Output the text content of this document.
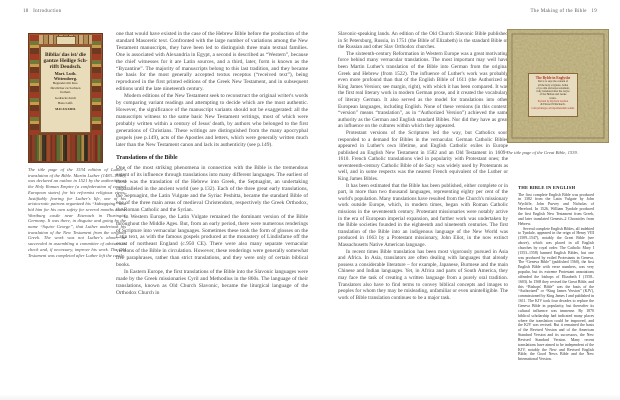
18 Introduction	The Making of the Bible 19
Biblia/ das ist/ die
gantze Heilige Sch-
rifft Deudsch.
Mart. Luth.
Wittemberg.
Begnadet mit Kur-
fürstlicher zu Sachsen
freiheit.
Gedruckt durch
Hans Lufft.
M.D.XXXIIII.
The title page of the 1534 edition of Luther's translation of the Bible. Martin Luther (1483–1546), was declared an outlaw in 1521 by the authorities of the Holy Roman Empire (a confederation of central European states) for his reformist religious views. Justifiably fearing for Luther's life, one of his aristocratic patrons organized his “kidnapping” and hid him for his own safety for several months at the Wartburg castle near Eisenach in Thuringia, Germany. It was there, in disguise and going by the name “Squire George”, that Luther undertook his translation of the New Testament from the original Greek. The work was not Luther's alone; he succeeded in assembling a committee of advisers to check and, if necessary, improve his work. The Old Testament was completed after Luther left the castle.
one that would have existed in the case of the Hebrew Bible before the production of the standard Masoretic text. Confronted with the large number of variations among the New Testament manuscripts, they have been led to distinguish three main textual families. One is associated with Alexandria in Egypt, a second is described as “Western”, because the chief witnesses for it are Latin sources, and a third, later, form is known as the “Byzantine”. The majority of manuscripts belong to this last tradition, and they became the basis for the most generally accepted textus receptus (“received text”), being reproduced in the first printed editions of the Greek New Testament, and in subsequent editions until the late nineteenth century.
Modern editions of the New Testament seek to reconstruct the original writer's words by comparing variant readings and attempting to decide which are the most authentic. However, the significance of the manuscript variants should not be exaggerated: all the manuscripts witness to the same basic New Testament writings, most of which were probably written within a century of Jesus' death, by authors who belonged to the first generations of Christians. These writings are distinguished from the many apocryphal gospels (see p.149), acts of the Apostles and letters, which were generally written much later than the New Testament canon and lack its authenticity (see p.149).
Translations of the Bible
One of the most striking phenomena in connection with the Bible is the tremendous extent of its influence through translations into many different languages. The earliest of these was the translation of the Hebrew into Greek, the Septuagint, an undertaking unparalleled in the ancient world (see p.132). Each of the three great early translations, the Septuagint, the Latin Vulgate and the Syriac Peshitta, became the standard Bible of one of the three main areas of medieval Christendom, respectively the Greek Orthodox, the Roman Catholic and the Syrian.
In Western Europe, the Latin Vulgate remained the dominant version of the Bible throughout the Middle Ages. But, from an early period, there were numerous renderings of Scripture into vernacular languages. Sometimes these took the form of glosses on the Latin text, as with the famous gospels produced at the monastery of Lindisfarne off the coast of northeast England (c.950 CE). There were also many separate vernacular versions of the Bible in circulation. However, these renderings were generally somewhat free paraphrases, rather than strict translations, and they were only of certain biblical books.
In Eastern Europe, the first translations of the Bible into the Slavonic languages were made by the Greek missionaries Cyril and Methodius in the 860s. The language of their translations, known as Old Church Slavonic, became the liturgical language of the Orthodox Church in
Slavonic-speaking lands. An edition of the Old Church Slavonic Bible published in St Petersburg, Russia, in 1751 (the Bible of Elizabeth) is the standard Bible of the Russian and other Slav Orthodox churches.
The sixteenth-century Reformation in Western Europe was a great motivating force behind many vernacular translations. The most important may well have been Martin Luther's translation of the Bible into German from the original Greek and Hebrew (from 1522). The influence of Luther's work was probably even more profound than that of the English Bible of 1611 (the Authorized or King James Version; see margin, right), with which it has been compared. It was the first real literary work in modern German prose, and it created the vocabulary of literary German. It also served as the model for translations into other European languages, including English. None of these versions (in this context, “version” means “translation”, as in “Authorized Version”) achieved the same authority as the German and English standard Bibles. Nor did they have as great an influence on the cultures within which they appeared.
Protestant versions of the Scriptures led the way, but Catholics soon responded to a demand for Bibles in the vernacular. German Catholic Bibles appeared in Luther's own lifetime, and English Catholic exiles in Europe published an English New Testament in 1582 and an Old Testament in 1609–1610. French Catholic translations vied in popularity with Protestant ones; the seventeenth-century Catholic Bible of de Sacy was widely used by Protestants as well, and in some respects was the nearest French equivalent of the Luther or King James Bibles.
It has been estimated that the Bible has been published, either complete or in part, in more than two thousand languages, representing eighty per cent of the world's population. Many translations have resulted from the Church's missionary work outside Europe, which, in modern times, began with Roman Catholic missions in the seventeenth century. Protestant missionaries were notably active in the era of European imperial expansion, and further work was undertaken by the Bible societies founded in the eighteenth and nineteenth centuries. The first translation of the Bible into an indigenous language of the New World was produced in 1663 by a Protestant missionary, John Eliot, in the now extinct Massachusetts Native American language.
In recent times Bible translation has been most vigorously pursued in Asia and Africa. In Asia, translators are often dealing with languages that already possess a considerable literature – for example, Japanese, Burmese and the main Chinese and Indian languages. Yet, in Africa and parts of South America, they may face the task of creating a written language from a purely oral tradition. Translators also have to find terms to convey biblical concepts and images to peoples for whom they may be misleading, unfamiliar or even unintelligible. The work of Bible translation continues to be a major task.
The Byble in Englyshe
that is to saye the content of
all the holy scrypture, bothe
of ye olde and newe testament,
truly translated after the veryte
of the Hebrue and Greke
textes.
Prynted by Rychard Grafton
& Edward Whitchurch.
Cum priuilegio ad imprimendum solum.
The title page of the Great Bible, 1539.
THE BIBLE IN ENGLISH
The first complete English Bible was produced in 1382 from the Latin Vulgate by John Wycliffe, John Purvey and Nicholas of Hereford. In 1526, William Tyndale produced the first English New Testament from Greek, and later translated Genesis–2 Chronicles from Hebrew.
Several complete English Bibles, all indebted to Tyndale, appeared in the reign of Henry VIII (1509–1547), notably the Great Bible (see above), which was placed in all English churches by royal order. The Catholic Mary I (1553–1558) banned English Bibles, but one was produced by exiled Protestants in Geneva. The “Geneva Bible” (published 1560), the first English Bible with verse numbers, was very popular, but its extreme Protestant annotations offended the bishops of Elizabeth I (1558–1603). In 1568 they revised the Great Bible, and this “Bishops' Bible” was the basis of the “Authorized” or “King James Version” (KJV), commissioned by King James I and published in 1611. The KJV took four decades to replace the Geneva Bible in popularity, but thereafter its cultural influence was immense. By 1870 biblical scholarship had indicated many places where the translation could be improved, and the KJV was revised. But it remained the basis of the Revised Version and of the American Standard Version and its successors, the New Revised Standard Version. Many recent translations have aimed to be independent of the KJV, notably the New and Revised English Bible, the Good News Bible and the New International Version.
